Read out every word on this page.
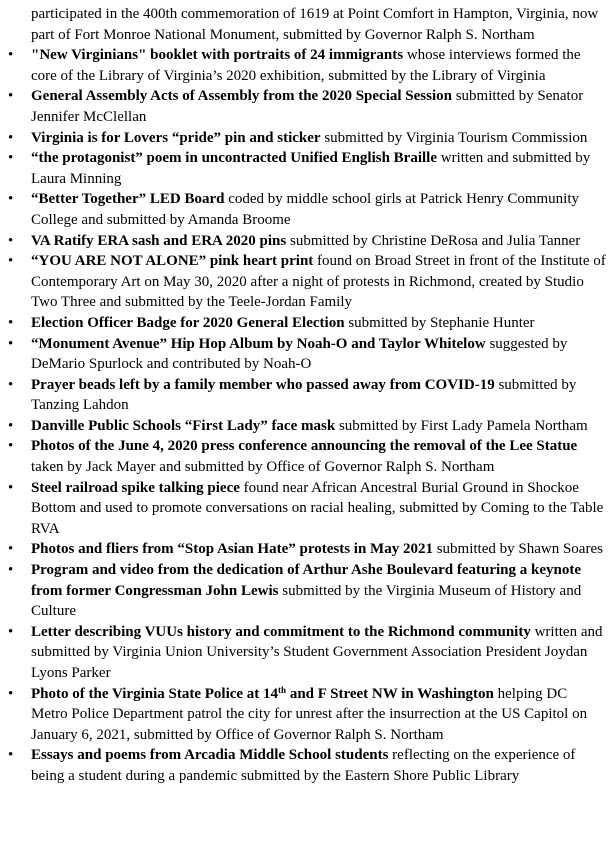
participated in the 400th commemoration of 1619 at Point Comfort in Hampton, Virginia, now part of Fort Monroe National Monument, submitted by Governor Ralph S. Northam

• "New Virginians" booklet with portraits of 24 immigrants whose interviews formed the core of the Library of Virginia’s 2020 exhibition, submitted by the Library of Virginia
• General Assembly Acts of Assembly from the 2020 Special Session submitted by Senator Jennifer McClellan
• Virginia is for Lovers “pride” pin and sticker submitted by Virginia Tourism Commission
• “the protagonist” poem in uncontracted Unified English Braille written and submitted by Laura Minning
• “Better Together” LED Board coded by middle school girls at Patrick Henry Community College and submitted by Amanda Broome
• VA Ratify ERA sash and ERA 2020 pins submitted by Christine DeRosa and Julia Tanner
• “YOU ARE NOT ALONE” pink heart print found on Broad Street in front of the Institute of Contemporary Art on May 30, 2020 after a night of protests in Richmond, created by Studio Two Three and submitted by the Teele-Jordan Family
• Election Officer Badge for 2020 General Election submitted by Stephanie Hunter
• “Monument Avenue” Hip Hop Album by Noah-O and Taylor Whitelow suggested by DeMario Spurlock and contributed by Noah-O
• Prayer beads left by a family member who passed away from COVID-19 submitted by Tanzing Lahdon
• Danville Public Schools “First Lady” face mask submitted by First Lady Pamela Northam
• Photos of the June 4, 2020 press conference announcing the removal of the Lee Statue taken by Jack Mayer and submitted by Office of Governor Ralph S. Northam
• Steel railroad spike talking piece found near African Ancestral Burial Ground in Shockoe Bottom and used to promote conversations on racial healing, submitted by Coming to the Table RVA
• Photos and fliers from “Stop Asian Hate” protests in May 2021 submitted by Shawn Soares
• Program and video from the dedication of Arthur Ashe Boulevard featuring a keynote from former Congressman John Lewis submitted by the Virginia Museum of History and Culture
• Letter describing VUUs history and commitment to the Richmond community written and submitted by Virginia Union University’s Student Government Association President Joydan Lyons Parker
• Photo of the Virginia State Police at 14th and F Street NW in Washington helping DC Metro Police Department patrol the city for unrest after the insurrection at the US Capitol on January 6, 2021, submitted by Office of Governor Ralph S. Northam
• Essays and poems from Arcadia Middle School students reflecting on the experience of being a student during a pandemic submitted by the Eastern Shore Public Library
